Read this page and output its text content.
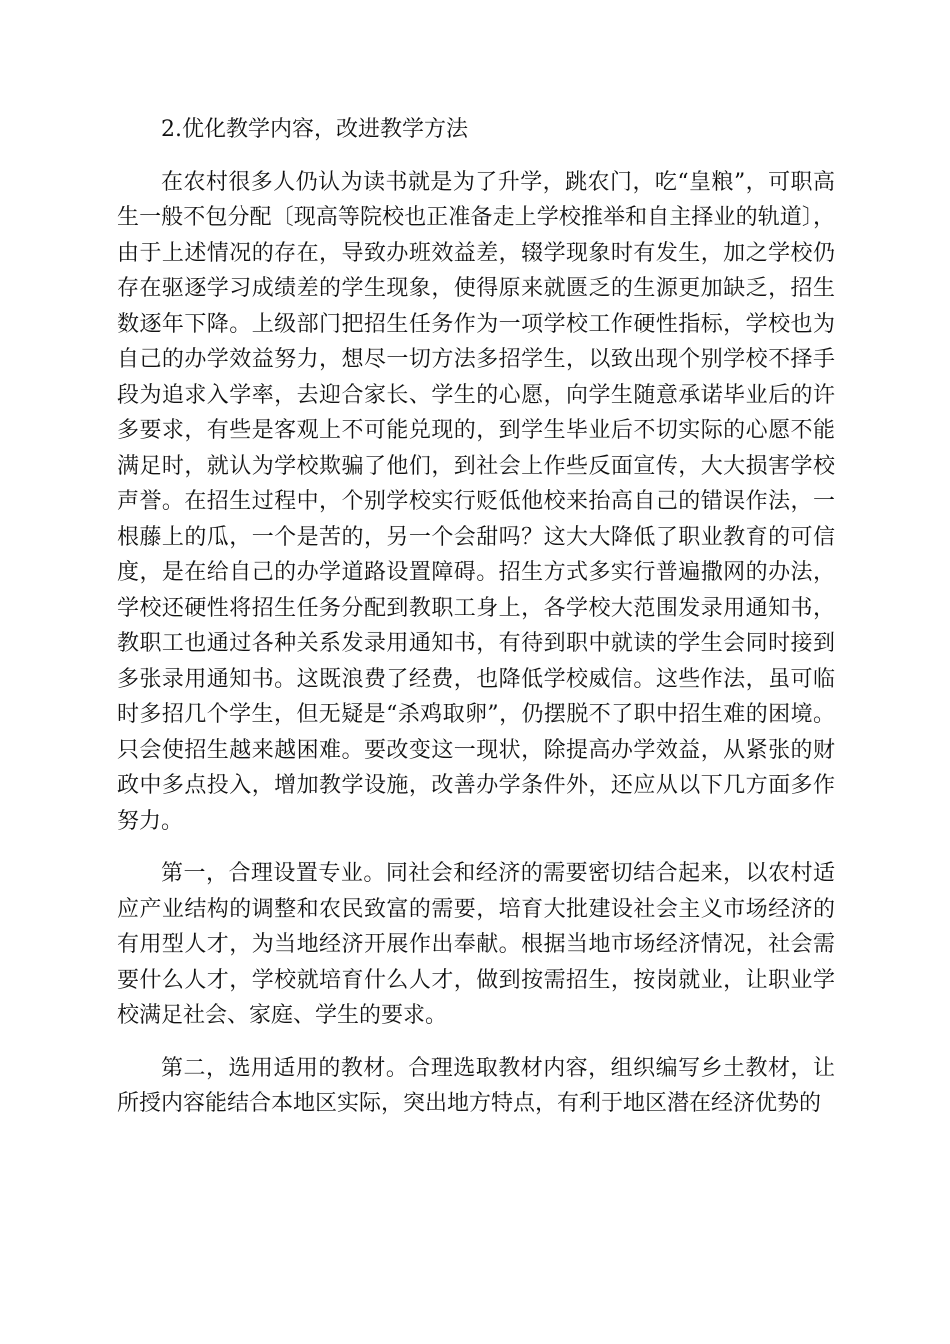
2.优化教学内容，改进教学方法

在农村很多人仍认为读书就是为了升学，跳农门，吃“皇粮”，可职高生一般不包分配〔现高等院校也正准备走上学校推举和自主择业的轨道〕，由于上述情况的存在，导致办班效益差，辍学现象时有发生，加之学校仍存在驱逐学习成绩差的学生现象，使得原来就匮乏的生源更加缺乏，招生数逐年下降。上级部门把招生任务作为一项学校工作硬性指标，学校也为自己的办学效益努力，想尽一切方法多招学生，以致出现个别学校不择手段为追求入学率，去迎合家长、学生的心愿，向学生随意承诺毕业后的许多要求，有些是客观上不可能兑现的，到学生毕业后不切实际的心愿不能满足时，就认为学校欺骗了他们，到社会上作些反面宣传，大大损害学校声誉。在招生过程中，个别学校实行贬低他校来抬高自己的错误作法，一根藤上的瓜，一个是苦的，另一个会甜吗？这大大降低了职业教育的可信度，是在给自己的办学道路设置障碍。招生方式多实行普遍撒网的办法，学校还硬性将招生任务分配到教职工身上，各学校大范围发录用通知书，教职工也通过各种关系发录用通知书，有待到职中就读的学生会同时接到多张录用通知书。这既浪费了经费，也降低学校威信。这些作法，虽可临时多招几个学生，但无疑是“杀鸡取卵”，仍摆脱不了职中招生难的困境。只会使招生越来越困难。要改变这一现状，除提高办学效益，从紧张的财政中多点投入，增加教学设施，改善办学条件外，还应从以下几方面多作努力。

第一，合理设置专业。同社会和经济的需要密切结合起来，以农村适应产业结构的调整和农民致富的需要，培育大批建设社会主义市场经济的有用型人才，为当地经济开展作出奉献。根据当地市场经济情况，社会需要什么人才，学校就培育什么人才，做到按需招生，按岗就业，让职业学校满足社会、家庭、学生的要求。

第二，选用适用的教材。合理选取教材内容，组织编写乡土教材，让所授内容能结合本地区实际，突出地方特点，有利于地区潜在经济优势的
